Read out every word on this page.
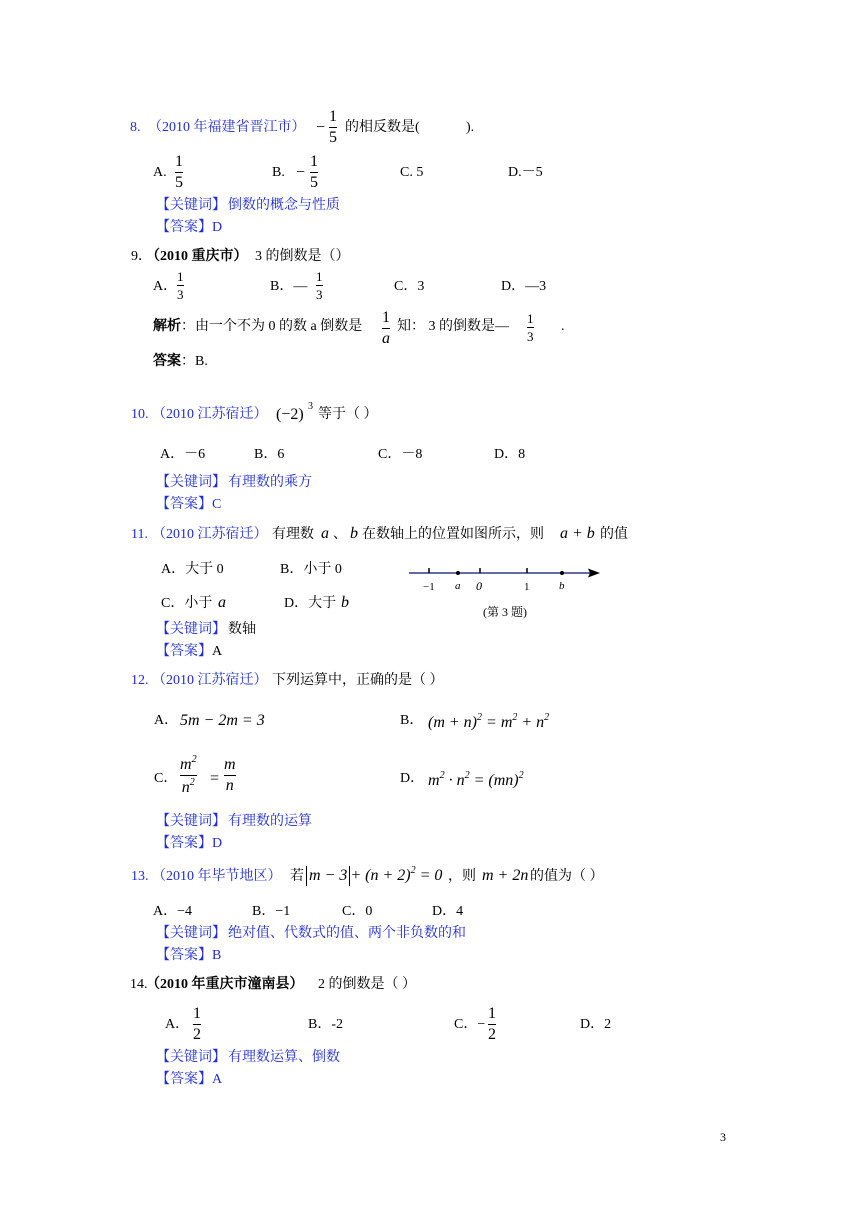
8. （2010 年福建省晋江市） −
1
5
的相反数是(	).
A.
1
5
B. −
1
5
C. 5	D.－5
【关键词】 倒数的概念与性质
【答案】 D
9．
（2010 重庆市） 3 的倒数是（）
A．
1
3
B．—
1
3
C．3	D．—3
解析 ：由一个不为 0 的数 a 倒数是
1
a
知： 3 的倒数是—
1
3
.
答案 ：B.
10. （2010 江苏宿迁） (−2) 3
等于（ ）
A．－6	B．6	C．－8	D．8
【关键词】 有理数的乘方
【答案】 C
11. （2010 江苏宿迁） 有理数 a 、 b 在数轴上的位置如图所示，则 a + b 的值
A．大于 0	B．小于 0
C．小于 a	D．大于 b
−1 a 0	1	b
(第 3 题)
【关键词】 数轴
【答案】 A
12. （2010 江苏宿迁） 下列运算中，正确的是（ ）
A． 5m − 2m = 3	B． $(m + n)^2 = m^2 + n^2$
C．
$m^2$
$n^2$ =
m
n	D． $m^2 \cdot n^2 = (mn)^2$
【关键词】 有理数的运算
【答案】 D
13. （2010 年毕节地区） 若 $m - 3 + (n + 2)^2 = 0$ ，则 m + 2n 的值为（ ）
A．−4	B．−1	C．0	D．4
【关键词】 绝对值、代数式的值、两个非负数的和
【答案】 B
14.
（2010 年重庆市潼南县） 2 的倒数是（ ）
A．
1
2
B．-2	C．−
1
2
D．2
【关键词】 有理数运算、倒数
【答案】 A
3
